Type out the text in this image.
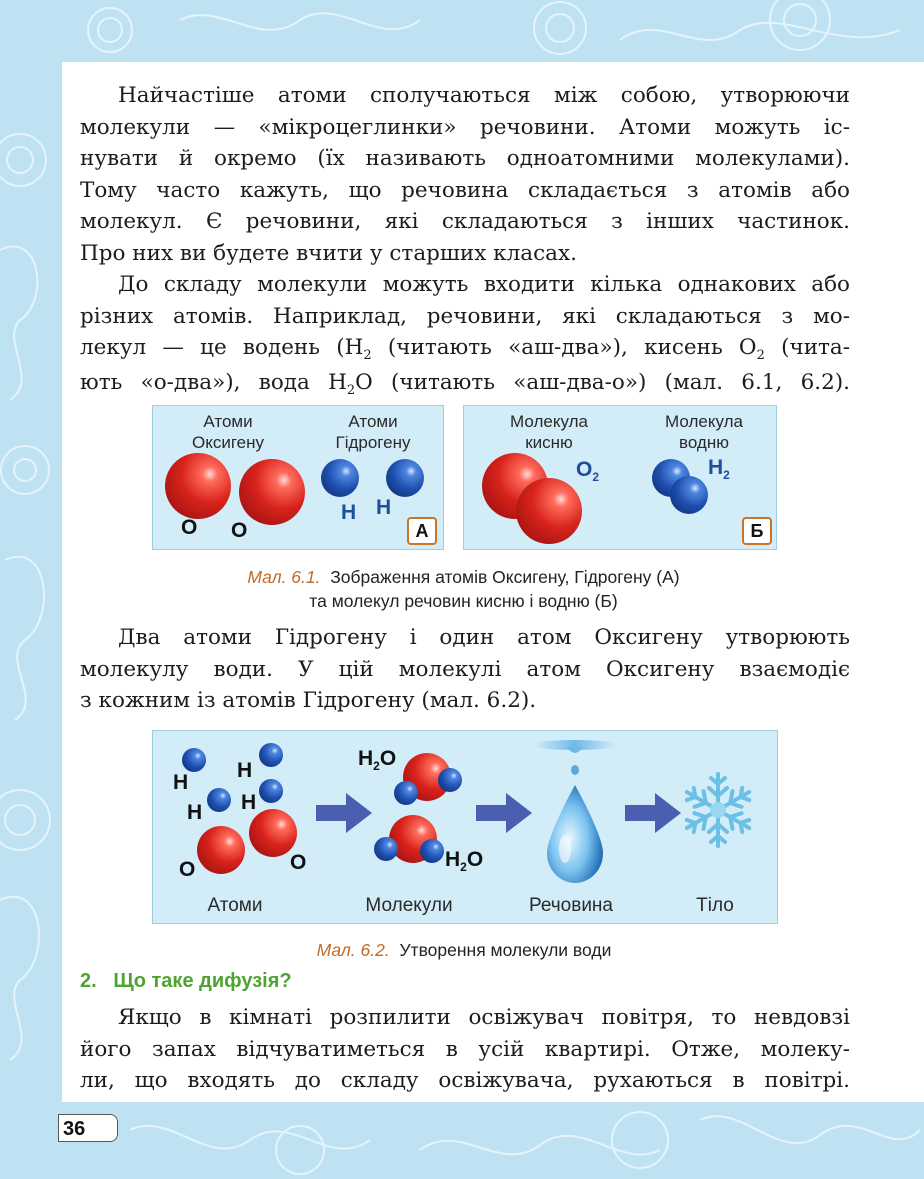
Найчастіше атоми сполучаються між собою, утворюючи
молекули — «мікроцеглинки» речовини. Атоми можуть іс-
нувати й окремо (їх називають одноатомними молекулами).
Тому часто кажуть, що речовина складається з атомів або
молекул. Є речовини, які складаються з інших частинок.
Про них ви будете вчити у старших класах.

До складу молекули можуть входити кілька однакових або
різних атомів. Наприклад, речовини, які складаються з мо-
лекул — це водень ($H_2$ (читають «аш-два»), кисень $O_2$ (чита-
ють «о-два»), вода $H_2O$ (читають «аш-два-о») (мал. 6.1, 6.2).

Атоми
Оксигену
Атоми
Гідрогену
O O
H H
А
Молекула
кисню
Молекула
водню
$O_2$	$H_2$
Б
Мал. 6.1. Зображення атомів Оксигену, Гідрогену (А)
та молекул речовин кисню і водню (Б)

Два атоми Гідрогену і один атом Оксигену утворюють
молекулу води. У цій молекулі атом Оксигену взаємодіє
з кожним із атомів Гідрогену (мал. 6.2).

H
H
H H
O	O
$H_2O$
$H_2O$
Атоми	Молекули	Речовина	Тіло
Мал. 6.2. Утворення молекули води
2. Що таке дифузія?

Якщо в кімнаті розпилити освіжувач повітря, то невдовзі
його запах відчуватиметься в усій квартирі. Отже, молеку-
ли, що входять до складу освіжувача, рухаються в повітрі.

36
